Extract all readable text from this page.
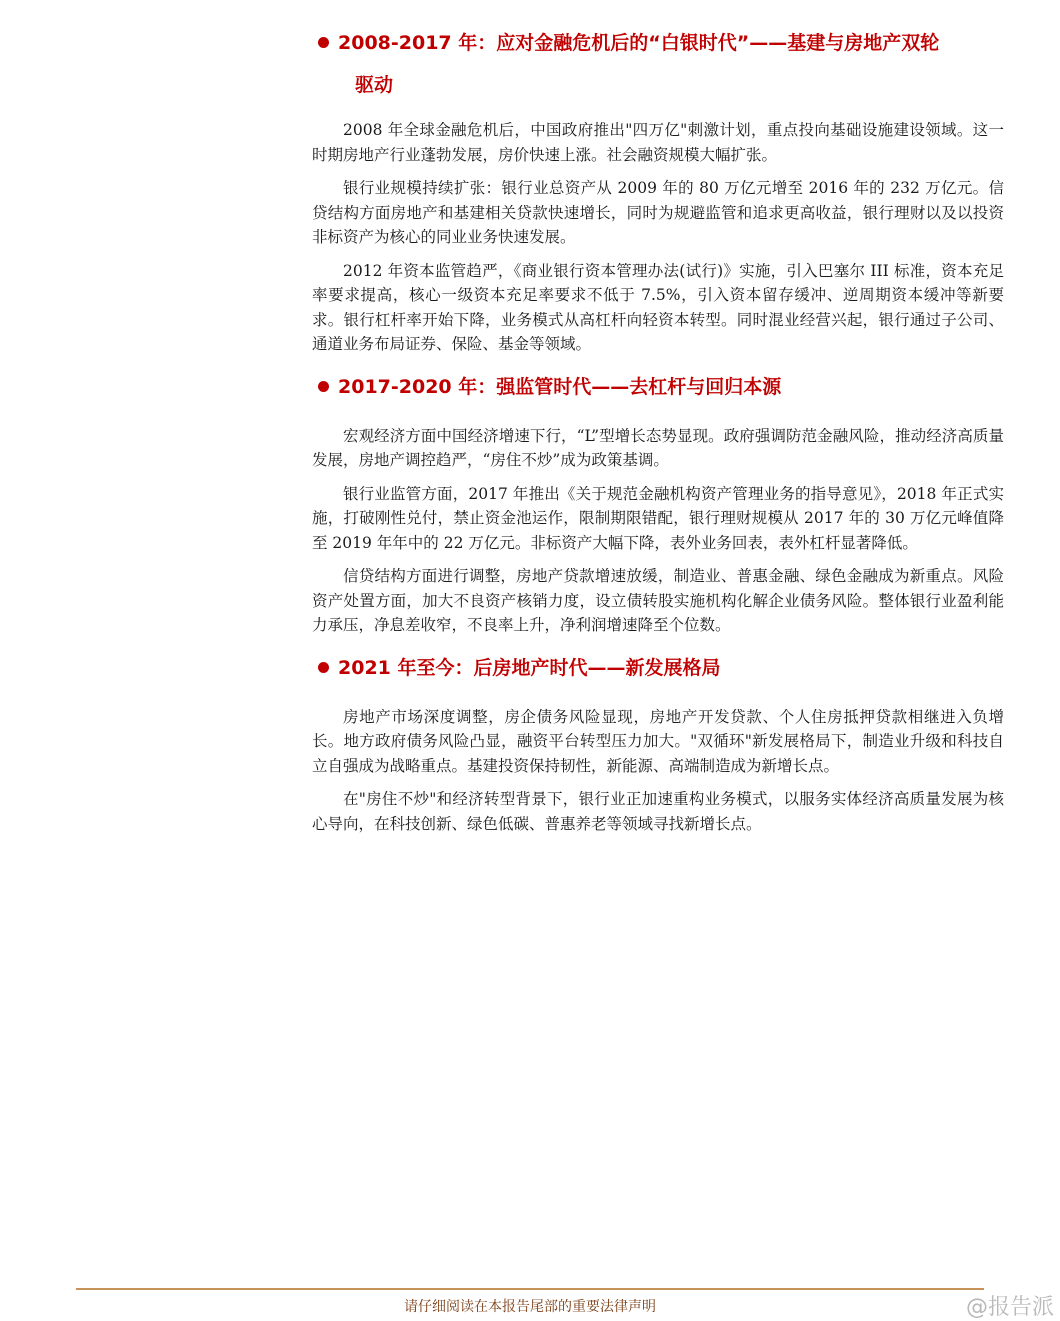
2008-2017 年：应对金融危机后的“白银时代”——基建与房地产双轮
驱动

2008 年全球金融危机后，中国政府推出"四万亿"刺激计划，重点投向基础设施建设领域。这一时期房地产行业蓬勃发展，房价快速上涨。社会融资规模大幅扩张。

银行业规模持续扩张：银行业总资产从 2009 年的 80 万亿元增至 2016 年的 232 万亿元。信贷结构方面房地产和基建相关贷款快速增长，同时为规避监管和追求更高收益，银行理财以及以投资非标资产为核心的同业业务快速发展。

2012 年资本监管趋严，《商业银行资本管理办法(试行)》实施，引入巴塞尔 III 标准，资本充足率要求提高，核心一级资本充足率要求不低于 7.5%，引入资本留存缓冲、逆周期资本缓冲等新要求。银行杠杆率开始下降，业务模式从高杠杆向轻资本转型。同时混业经营兴起，银行通过子公司、通道业务布局证券、保险、基金等领域。

2017-2020 年：强监管时代——去杠杆与回归本源

宏观经济方面中国经济增速下行，“L”型增长态势显现。政府强调防范金融风险，推动经济高质量发展，房地产调控趋严，“房住不炒”成为政策基调。

银行业监管方面，2017 年推出《关于规范金融机构资产管理业务的指导意见》，2018 年正式实施，打破刚性兑付，禁止资金池运作，限制期限错配，银行理财规模从 2017 年的 30 万亿元峰值降至 2019 年年中的 22 万亿元。非标资产大幅下降，表外业务回表，表外杠杆显著降低。

信贷结构方面进行调整，房地产贷款增速放缓，制造业、普惠金融、绿色金融成为新重点。风险资产处置方面，加大不良资产核销力度，设立债转股实施机构化解企业债务风险。整体银行业盈利能力承压，净息差收窄，不良率上升，净利润增速降至个位数。

2021 年至今：后房地产时代——新发展格局

房地产市场深度调整，房企债务风险显现，房地产开发贷款、个人住房抵押贷款相继进入负增长。地方政府债务风险凸显，融资平台转型压力加大。"双循环"新发展格局下，制造业升级和科技自立自强成为战略重点。基建投资保持韧性，新能源、高端制造成为新增长点。

在"房住不炒"和经济转型背景下，银行业正加速重构业务模式，以服务实体经济高质量发展为核心导向，在科技创新、绿色低碳、普惠养老等领域寻找新增长点。

请仔细阅读在本报告尾部的重要法律声明	@报告派
